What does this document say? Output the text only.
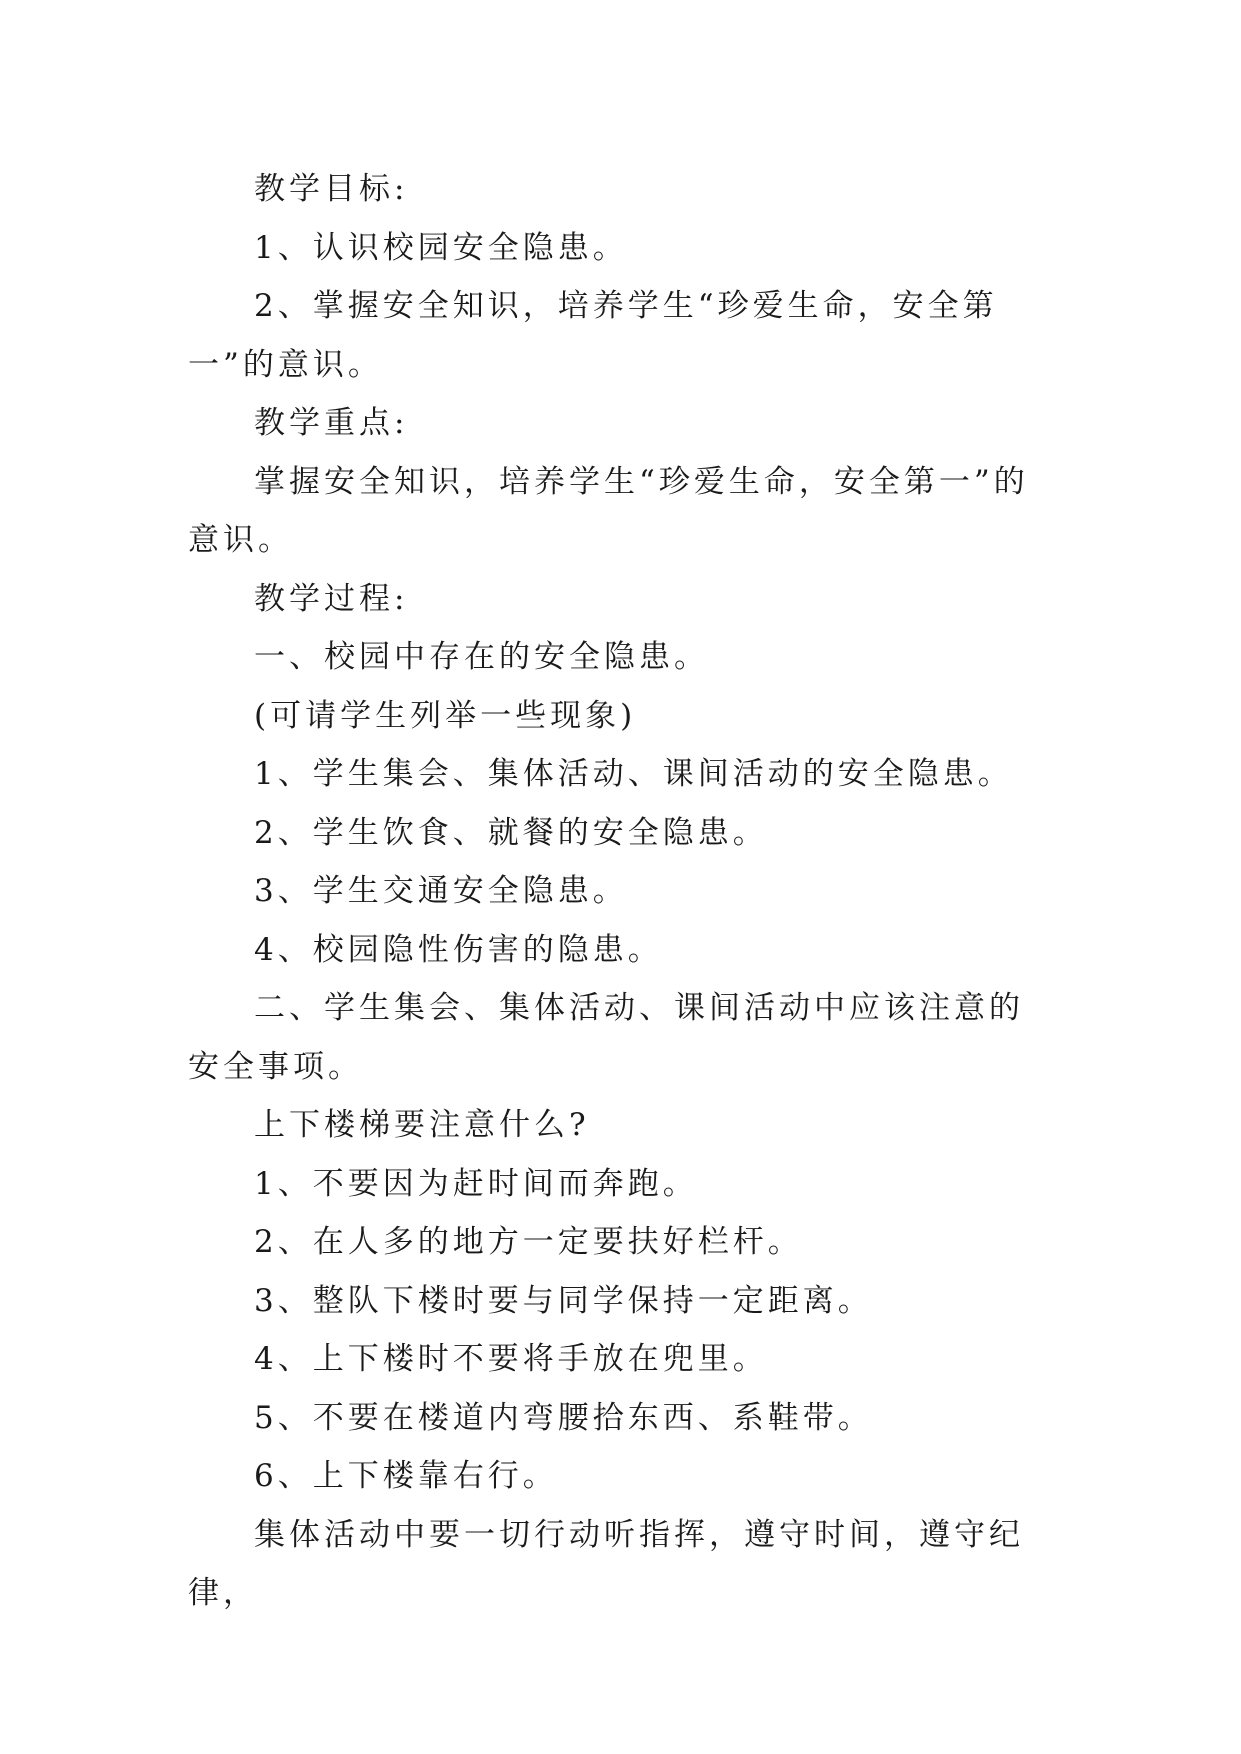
教学目标:

1、认识校园安全隐患。

2、掌握安全知识，培养学生“珍爱生命，安全第一”的意识。

教学重点:

掌握安全知识，培养学生“珍爱生命，安全第一”的意识。

教学过程:

一、校园中存在的安全隐患。

(可请学生列举一些现象)

1、学生集会、集体活动、课间活动的安全隐患。

2、学生饮食、就餐的安全隐患。

3、学生交通安全隐患。

4、校园隐性伤害的隐患。

二、学生集会、集体活动、课间活动中应该注意的安全事项。

上下楼梯要注意什么?

1、不要因为赶时间而奔跑。

2、在人多的地方一定要扶好栏杆。

3、整队下楼时要与同学保持一定距离。

4、上下楼时不要将手放在兜里。

5、不要在楼道内弯腰拾东西、系鞋带。

6、上下楼靠右行。

集体活动中要一切行动听指挥，遵守时间，遵守纪律，
